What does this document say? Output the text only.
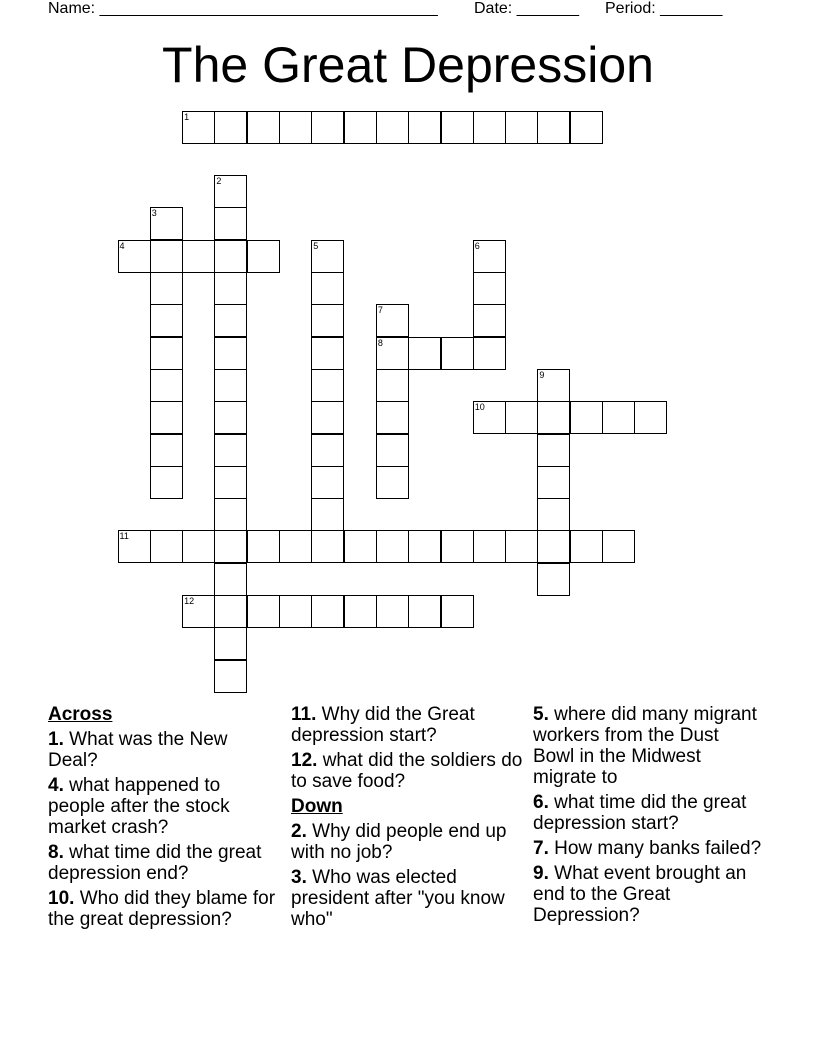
Name: ______________________________________ Date: _______ Period: _______
The Great Depression
1
2
3
4	5	6
7
8
9
10
11
12
Across
1. What was the New Deal?
4. what happened to people after the stock market crash?
8. what time did the great depression end?
10. Who did they blame for the great depression?
11. Why did the Great depression start?
12. what did the soldiers do to save food?
Down
2. Why did people end up with no job?
3. Who was elected president after "you know who"
5. where did many migrant workers from the Dust Bowl in the Midwest migrate to
6. what time did the great depression start?
7. How many banks failed?
9. What event brought an end to the Great Depression?
